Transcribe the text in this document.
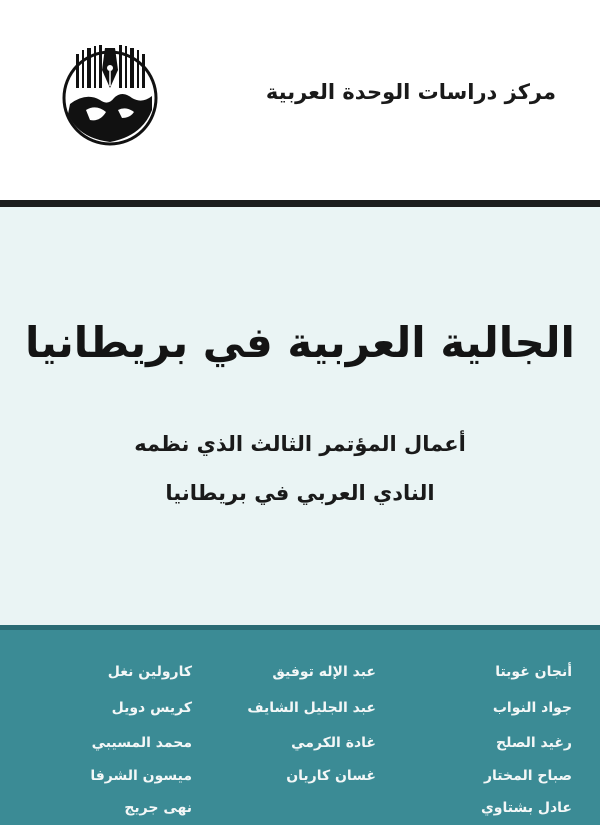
مركز دراسات الوحدة العربية
الجالية العربية في بريطانيا
أعمال المؤتمر الثالث الذي نظمه
النادي العربي في بريطانيا
أنجان غوبتا
جواد النواب
رغيد الصلح
صباح المختار
عادل بشتاوي
عبد الإله توفيق
عبد الجليل الشايف
غادة الكرمي
غسان كاريان
كارولين نغل
كريس دويل
محمد المسيبي
ميسون الشرفا
نهى جريج
